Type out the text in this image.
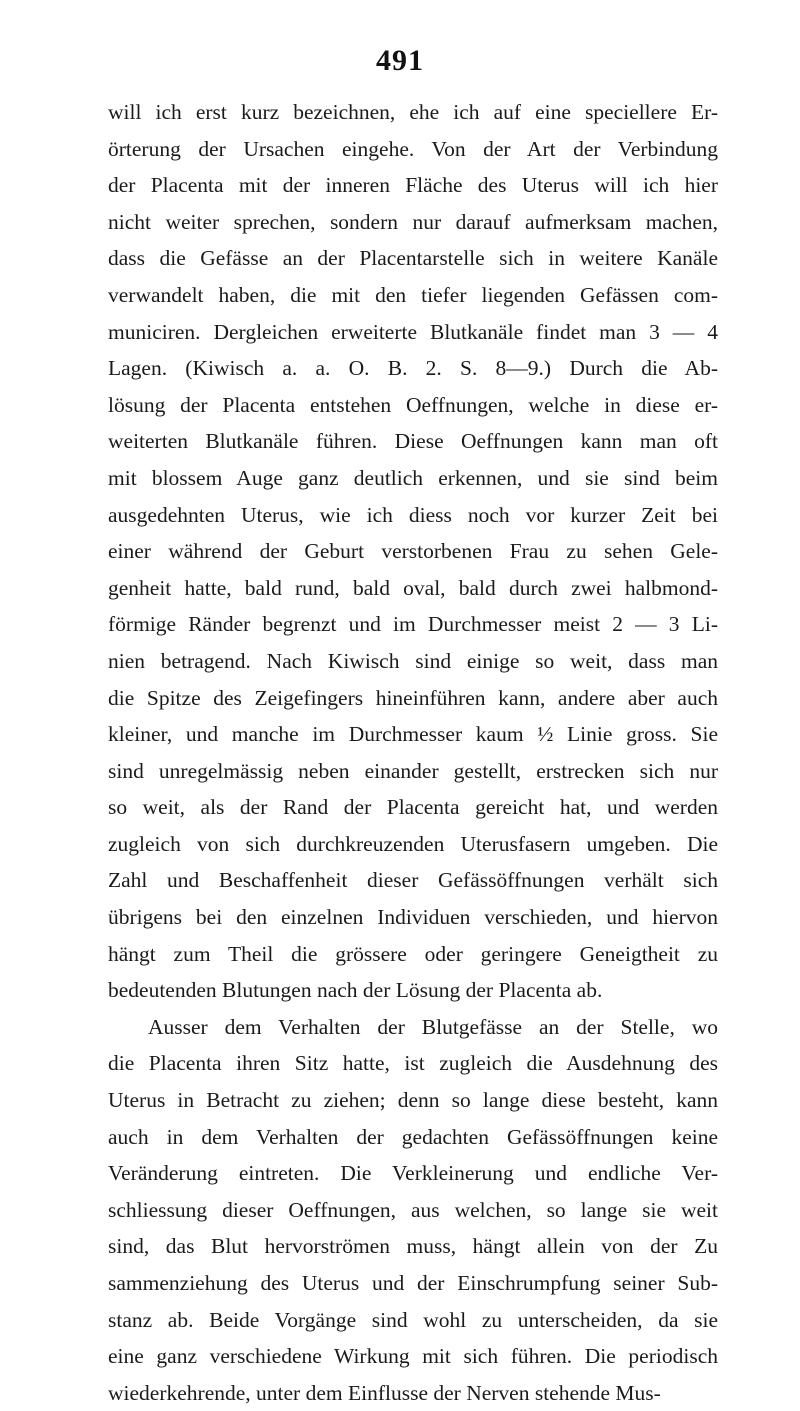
491
will ich erst kurz bezeichnen, ehe ich auf eine speciellere Er-
örterung der Ursachen eingehe. Von der Art der Verbindung
der Placenta mit der inneren Fläche des Uterus will ich hier
nicht weiter sprechen, sondern nur darauf aufmerksam machen,
dass die Gefässe an der Placentarstelle sich in weitere Kanäle
verwandelt haben, die mit den tiefer liegenden Gefässen com-
municiren. Dergleichen erweiterte Blutkanäle findet man 3 — 4
Lagen. (Kiwisch a. a. O. B. 2. S. 8—9.) Durch die Ab-
lösung der Placenta entstehen Oeffnungen, welche in diese er-
weiterten Blutkanäle führen. Diese Oeffnungen kann man oft
mit blossem Auge ganz deutlich erkennen, und sie sind beim
ausgedehnten Uterus, wie ich diess noch vor kurzer Zeit bei
einer während der Geburt verstorbenen Frau zu sehen Gele-
genheit hatte, bald rund, bald oval, bald durch zwei halbmond-
förmige Ränder begrenzt und im Durchmesser meist 2 — 3 Li-
nien betragend. Nach Kiwisch sind einige so weit, dass man
die Spitze des Zeigefingers hineinführen kann, andere aber auch
kleiner, und manche im Durchmesser kaum ½ Linie gross. Sie
sind unregelmässig neben einander gestellt, erstrecken sich nur
so weit, als der Rand der Placenta gereicht hat, und werden
zugleich von sich durchkreuzenden Uterusfasern umgeben. Die
Zahl und Beschaffenheit dieser Gefässöffnungen verhält sich
übrigens bei den einzelnen Individuen verschieden, und hiervon
hängt zum Theil die grössere oder geringere Geneigtheit zu
bedeutenden Blutungen nach der Lösung der Placenta ab.
Ausser dem Verhalten der Blutgefässe an der Stelle, wo
die Placenta ihren Sitz hatte, ist zugleich die Ausdehnung des
Uterus in Betracht zu ziehen; denn so lange diese besteht, kann
auch in dem Verhalten der gedachten Gefässöffnungen keine
Veränderung eintreten. Die Verkleinerung und endliche Ver-
schliessung dieser Oeffnungen, aus welchen, so lange sie weit
sind, das Blut hervorströmen muss, hängt allein von der Zu
sammenziehung des Uterus und der Einschrumpfung seiner Sub-
stanz ab. Beide Vorgänge sind wohl zu unterscheiden, da sie
eine ganz verschiedene Wirkung mit sich führen. Die periodisch
wiederkehrende, unter dem Einflusse der Nerven stehende Mus-
